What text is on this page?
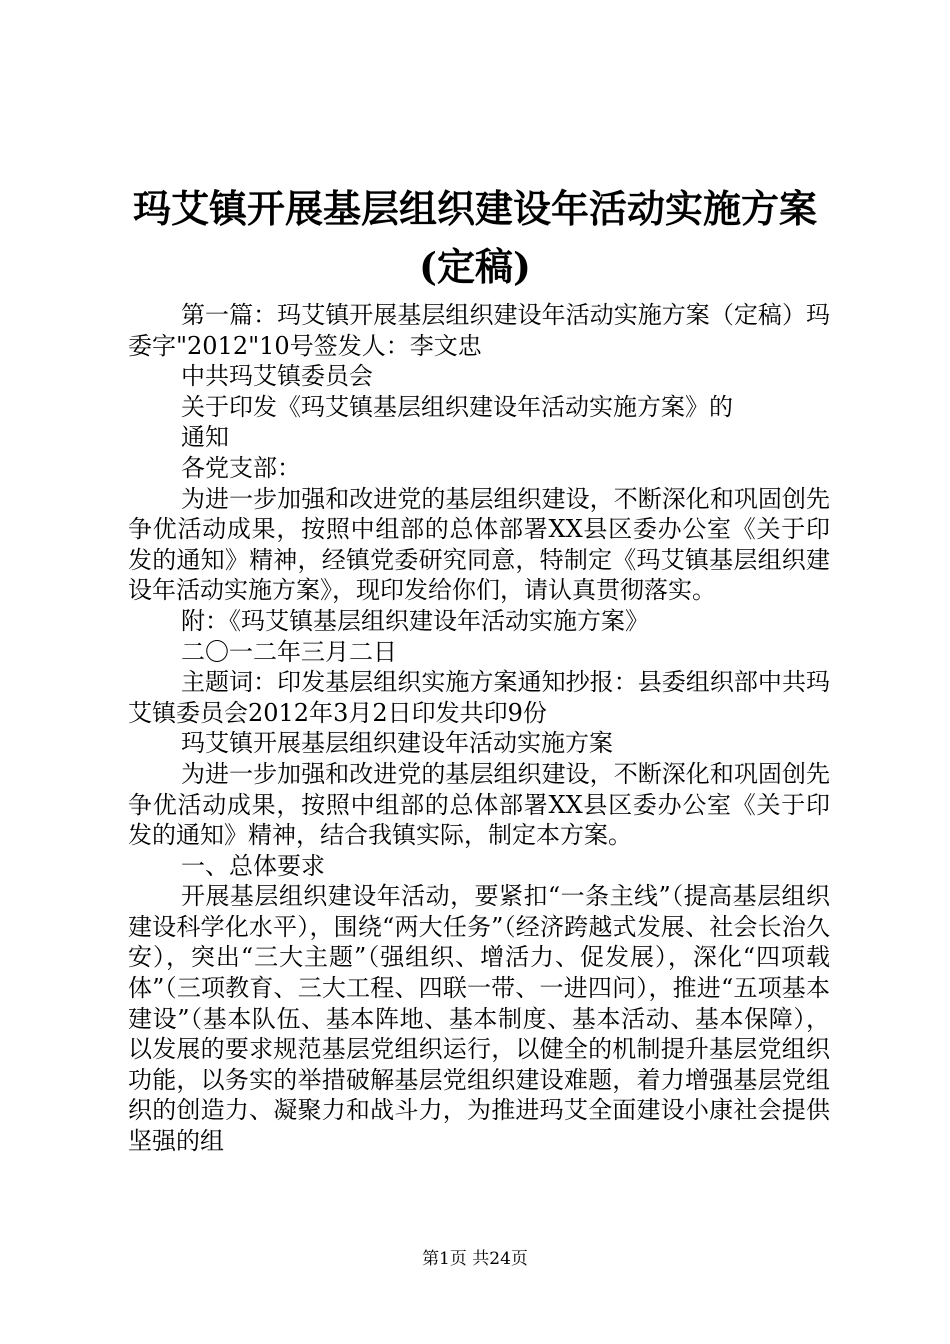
玛艾镇开展基层组织建设年活动实施方案(定稿)

第一篇：玛艾镇开展基层组织建设年活动实施方案（定稿）玛委字"2012"10号签发人：李文忠

中共玛艾镇委员会

关于印发《玛艾镇基层组织建设年活动实施方案》的

通知

各党支部：

为进一步加强和改进党的基层组织建设，不断深化和巩固创先争优活动成果，按照中组部的总体部署XX县区委办公室《关于印发的通知》精神，经镇党委研究同意，特制定《玛艾镇基层组织建设年活动实施方案》，现印发给你们，请认真贯彻落实。

附：《玛艾镇基层组织建设年活动实施方案》

二〇一二年三月二日

主题词：印发基层组织实施方案通知抄报：县委组织部中共玛艾镇委员会2012年3月2日印发共印9份

玛艾镇开展基层组织建设年活动实施方案

为进一步加强和改进党的基层组织建设，不断深化和巩固创先争优活动成果，按照中组部的总体部署XX县区委办公室《关于印发的通知》精神，结合我镇实际，制定本方案。

一、总体要求

开展基层组织建设年活动，要紧扣“一条主线”（提高基层组织建设科学化水平），围绕“两大任务”（经济跨越式发展、社会长治久安），突出“三大主题”（强组织、增活力、促发展），深化“四项载体”（三项教育、三大工程、四联一带、一进四问），推进“五项基本建设”（基本队伍、基本阵地、基本制度、基本活动、基本保障），以发展的要求规范基层党组织运行，以健全的机制提升基层党组织功能，以务实的举措破解基层党组织建设难题，着力增强基层党组织的创造力、凝聚力和战斗力，为推进玛艾全面建设小康社会提供坚强的组

第1页 共24页
